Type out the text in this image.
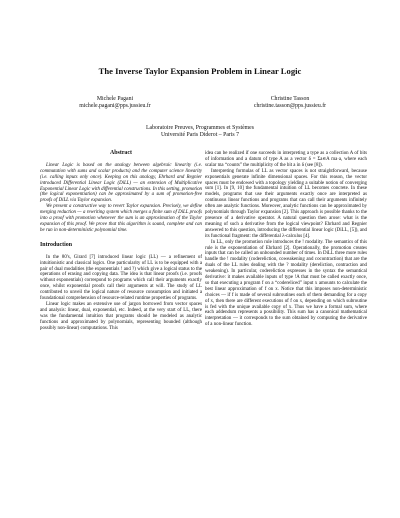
The Inverse Taylor Expansion Problem in Linear Logic
Michele Pagani
michele.pagani@pps.jussieu.fr
Christine Tasson
christine.tasson@pps.jussieu.fr
Laboratoire Preuves, Programmes et Systèmes
Université Paris Diderot – Paris 7
Abstract

Linear Logic is based on the analogy between algebraic linearity (i.e. commutation with sums and scalar products) and the computer science linearity (i.e. calling inputs only once). Keeping on this analogy, Ehrhard and Regnier introduced Differential Linear Logic (DiLL) — an extension of Multiplicative Exponential Linear Logic with differential constructions. In this setting, promotion (the logical exponentiation) can be approximated by a sum of promotion-free proofs of DiLL via Taylor expansion.

We present a constructive way to revert Taylor expansion. Precisely, we define merging reduction — a rewriting system which merges a finite sum of DiLL proofs into a proof with promotion whenever the sum is an approximation of the Taylor expansion of this proof. We prove that this algorithm is sound, complete and can be run in non-deterministic polynomial time.

Introduction

In the 80's, Girard [7] introduced linear logic (LL) — a refinement of intuitionistic and classical logics. One particularity of LL is to be equipped with a pair of dual modalities (the exponentials ! and ?) which give a logical status to the operations of erasing and copying data. The idea is that linear proofs (i.e. proofs without exponentials) correspond to programs which call their arguments exactly once, whilst exponential proofs call their arguments at will. The study of LL contributed to unveil the logical nature of resource consumption and initiated a foundational comprehension of resource-related runtime properties of programs.

Linear logic makes an extensive use of jargon borrowed from vector spaces and analysis: linear, dual, exponential, etc. Indeed, at the very start of LL, there was the fundamental intuition that programs should be modeled as analytic functions and approximated by polynomials, representing bounded (although possibly non-linear) computations. This

idea can be realized if one succeeds in interpreting a type as a collection A of bits of information and a datum of type A as a vector δ = Σa∈A ma·a, where each scalar ma “counts” the multiplicity of the bit a in δ (see [8]).

Interpreting formulas of LL as vector spaces is not straightforward, because exponentials generate infinite dimensional spaces. For this reason, the vector spaces must be endowed with a topology yielding a suitable notion of converging sum [1]. In [9, 10] the fundamental intuition of LL becomes concrete. In these models, programs that use their arguments exactly once are interpreted as continuous linear functions and programs that can call their arguments infinitely often are analytic functions. Moreover, analytic functions can be approximated by polynomials through Taylor expansion [2]. This approach is possible thanks to the presence of a derivative operator. A natural question then arose: what is the meaning of such a derivative from the logical viewpoint? Ehrhard and Regnier answered to this question, introducing the differential linear logic (DiLL, [5]), and its functional fragment: the differential λ-calculus [4].

In LL, only the promotion rule introduces the ! modality. The semantics of this rule is the exponentiation of Ehrhard [2]. Operationally, the promotion creates inputs that can be called an unbounded number of times. In DiLL three more rules handle the ! modality (codereliction, coweakening and cocontraction) that are the duals of the LL rules dealing with the ? modality (dereliction, contraction and weakening). In particular, codereliction expresses in the syntax the semantical derivative: it makes available inputs of type !A that must be called exactly once, so that executing a program f on a “codereliced” input x amounts to calculate the best linear approximation of f on x. Notice that this imposes non-deterministic choices — if f is made of several subroutines each of them demanding for a copy of x, then there are different executions of f on x, depending on which subroutine is fed with the unique available copy of x. Thus we have a formal sum, where each addendum represents a possibility. This sum has a canonical mathematical interpretation — it corresponds to the sum obtained by computing the derivative of a non-linear function.
